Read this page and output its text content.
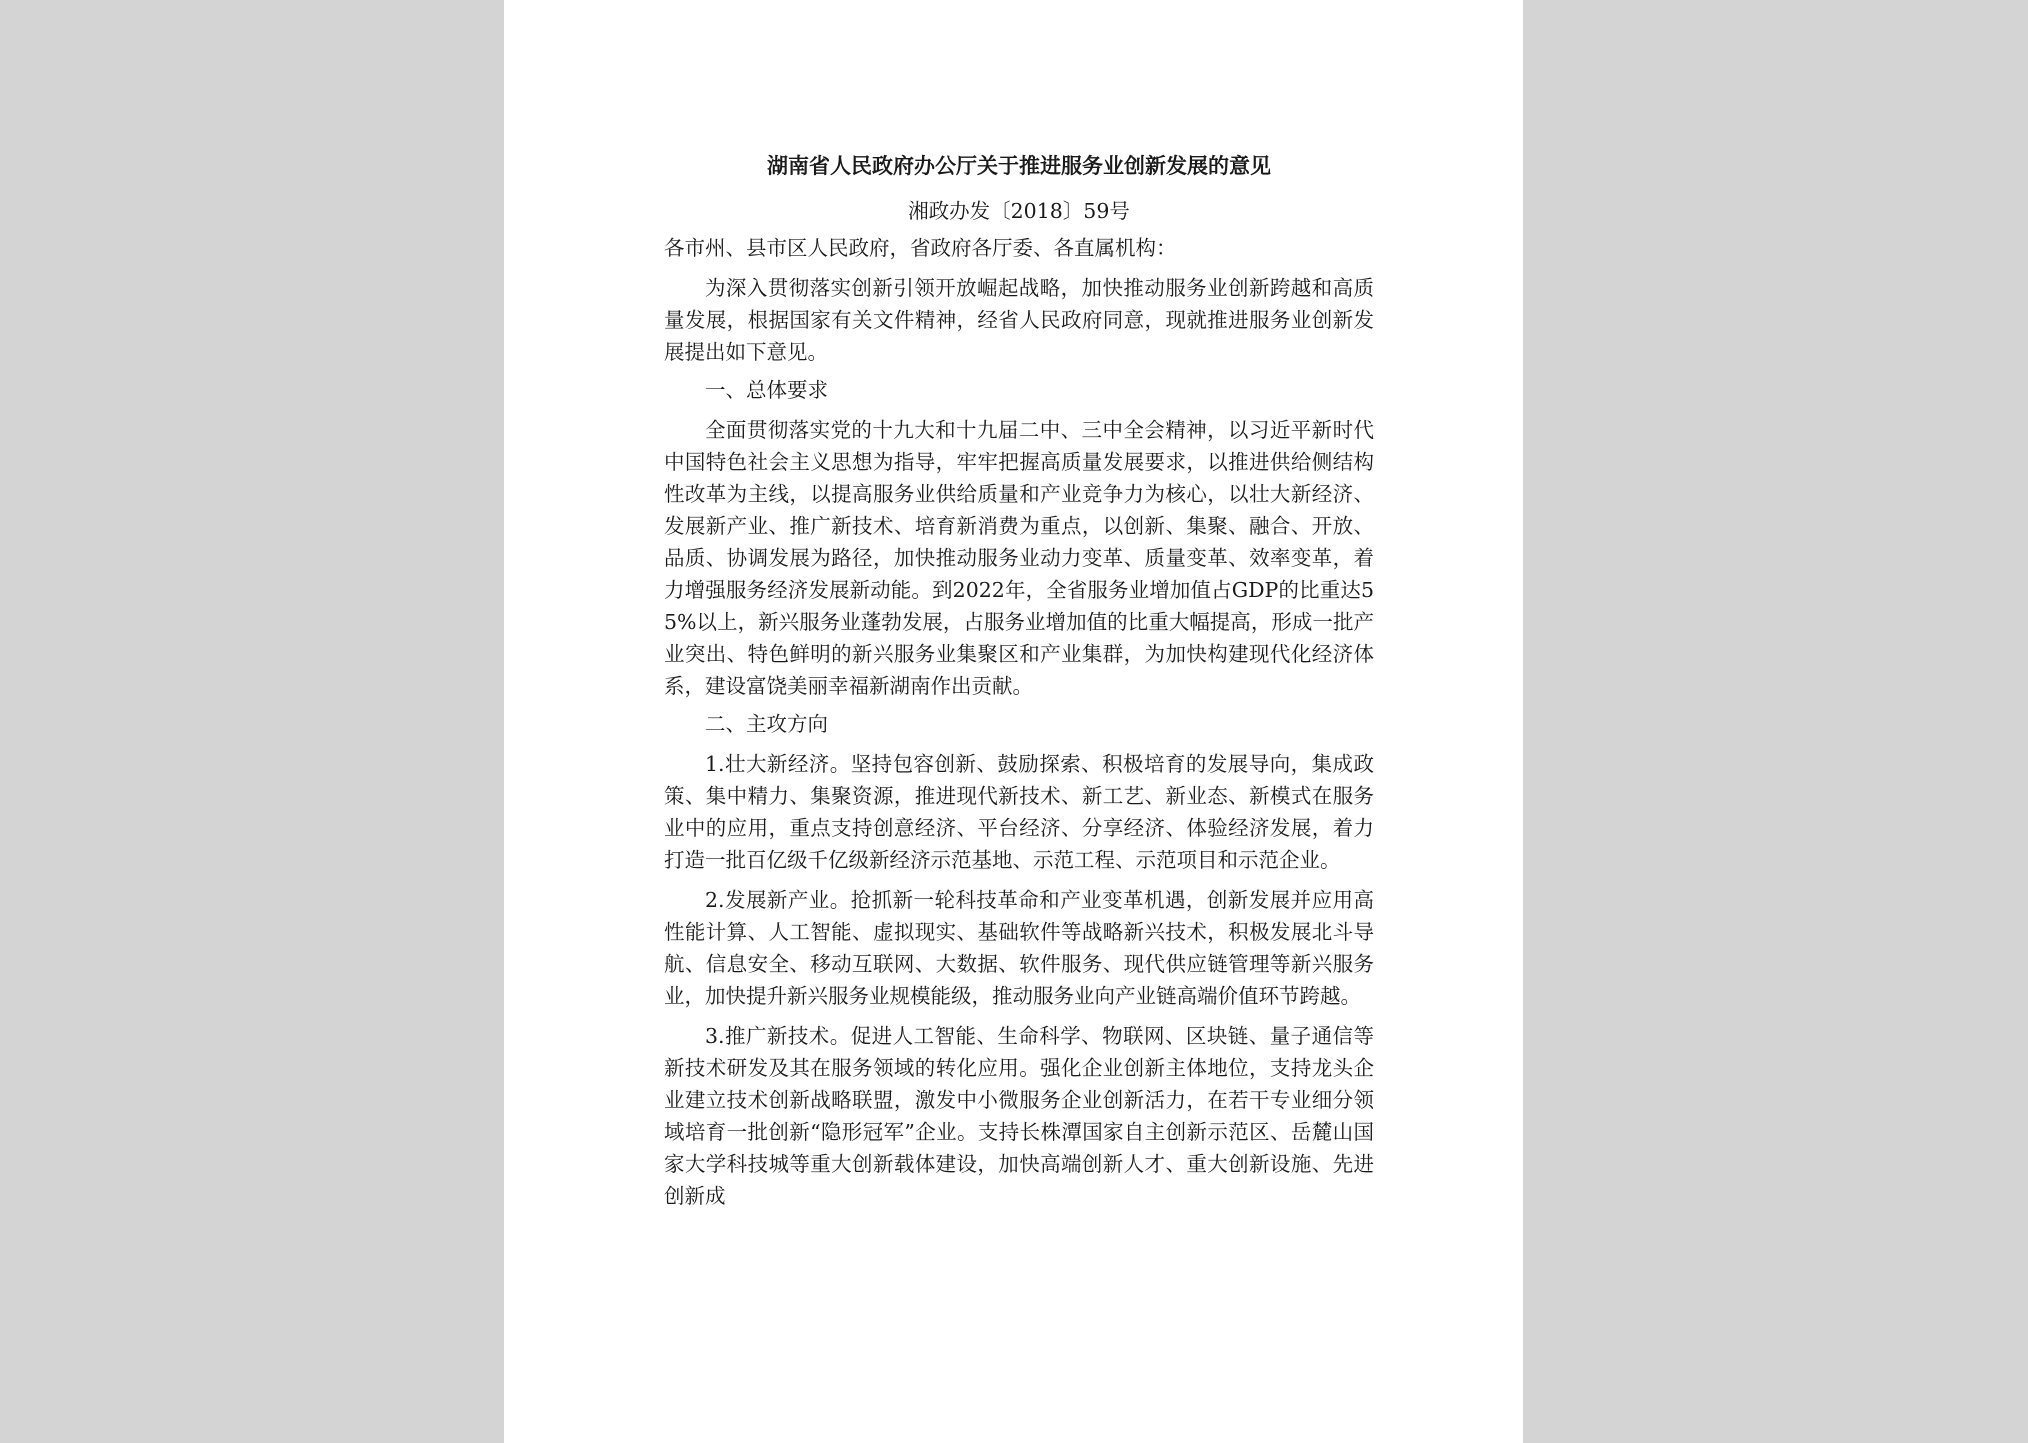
湖南省人民政府办公厅关于推进服务业创新发展的意见
湘政办发〔2018〕59号
各市州、县市区人民政府，省政府各厅委、各直属机构：

为深入贯彻落实创新引领开放崛起战略，加快推动服务业创新跨越和高质量发展，根据国家有关文件精神，经省人民政府同意，现就推进服务业创新发展提出如下意见。

一、总体要求

全面贯彻落实党的十九大和十九届二中、三中全会精神，以习近平新时代中国特色社会主义思想为指导，牢牢把握高质量发展要求，以推进供给侧结构性改革为主线，以提高服务业供给质量和产业竞争力为核心，以壮大新经济、发展新产业、推广新技术、培育新消费为重点，以创新、集聚、融合、开放、品质、协调发展为路径，加快推动服务业动力变革、质量变革、效率变革，着力增强服务经济发展新动能。到2022年，全省服务业增加值占GDP的比重达55%以上，新兴服务业蓬勃发展，占服务业增加值的比重大幅提高，形成一批产业突出、特色鲜明的新兴服务业集聚区和产业集群，为加快构建现代化经济体系，建设富饶美丽幸福新湖南作出贡献。

二、主攻方向

1.壮大新经济。坚持包容创新、鼓励探索、积极培育的发展导向，集成政策、集中精力、集聚资源，推进现代新技术、新工艺、新业态、新模式在服务业中的应用，重点支持创意经济、平台经济、分享经济、体验经济发展，着力打造一批百亿级千亿级新经济示范基地、示范工程、示范项目和示范企业。

2.发展新产业。抢抓新一轮科技革命和产业变革机遇，创新发展并应用高性能计算、人工智能、虚拟现实、基础软件等战略新兴技术，积极发展北斗导航、信息安全、移动互联网、大数据、软件服务、现代供应链管理等新兴服务业，加快提升新兴服务业规模能级，推动服务业向产业链高端价值环节跨越。

3.推广新技术。促进人工智能、生命科学、物联网、区块链、量子通信等新技术研发及其在服务领域的转化应用。强化企业创新主体地位，支持龙头企业建立技术创新战略联盟，激发中小微服务企业创新活力，在若干专业细分领域培育一批创新“隐形冠军”企业。支持长株潭国家自主创新示范区、岳麓山国家大学科技城等重大创新载体建设，加快高端创新人才、重大创新设施、先进创新成
